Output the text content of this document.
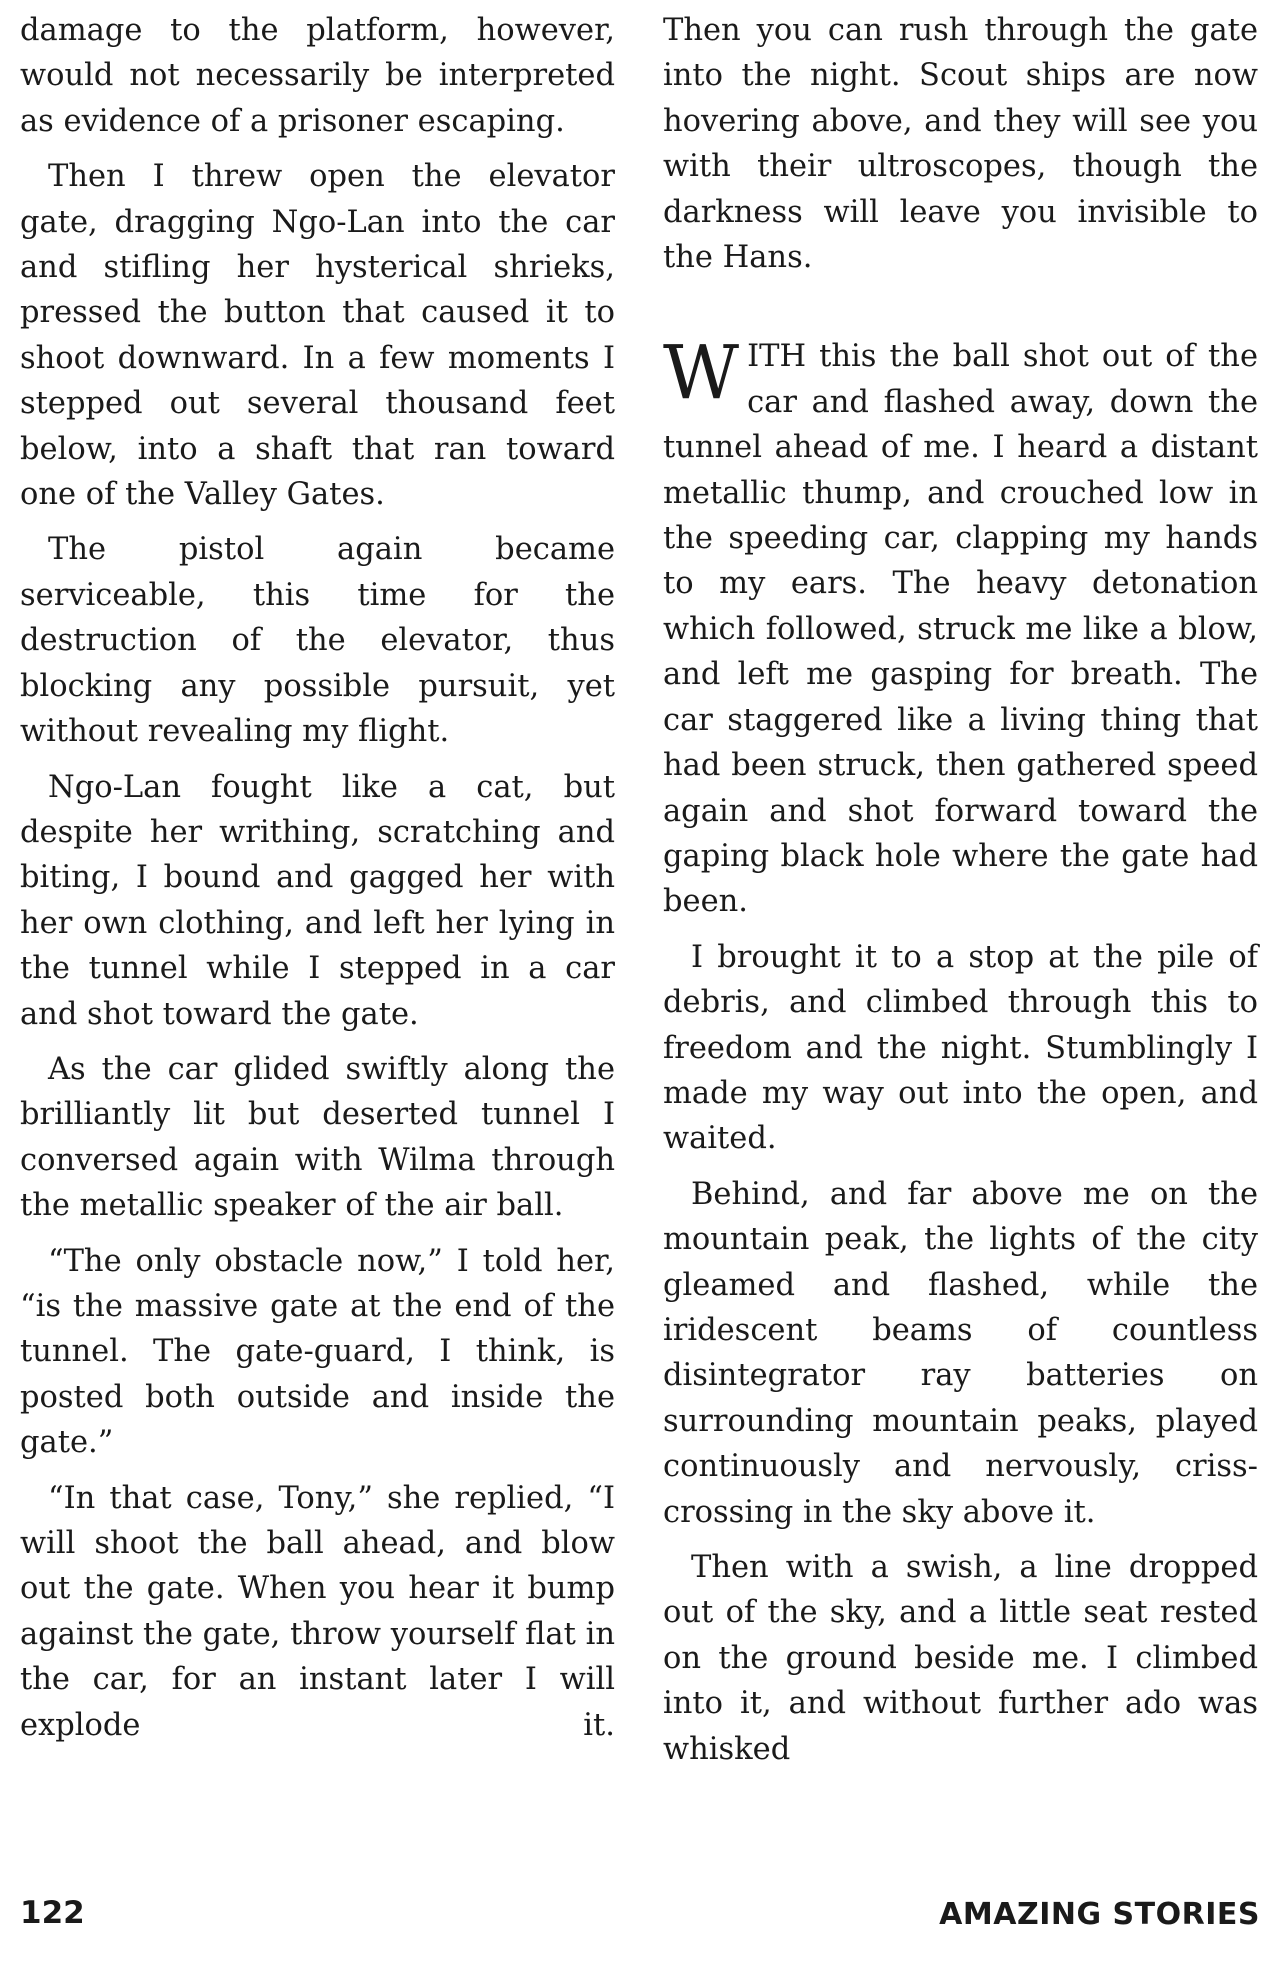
damage to the platform, however, would not necessarily be interpreted as evidence of a prisoner escaping.

Then I threw open the elevator gate, dragging Ngo-Lan into the car and stifling her hysterical shrieks, pressed the button that caused it to shoot downward. In a few moments I stepped out several thousand feet below, into a shaft that ran toward one of the Valley Gates.

The pistol again became serviceable, this time for the destruction of the elevator, thus blocking any possible pursuit, yet without revealing my flight.

Ngo-Lan fought like a cat, but despite her writhing, scratching and biting, I bound and gagged her with her own clothing, and left her lying in the tunnel while I stepped in a car and shot toward the gate.

As the car glided swiftly along the brilliantly lit but deserted tunnel I conversed again with Wilma through the metallic speaker of the air ball.

“The only obstacle now,” I told her, “is the massive gate at the end of the tunnel. The gate-guard, I think, is posted both outside and inside the gate.”

“In that case, Tony,” she replied, “I will shoot the ball ahead, and blow out the gate. When you hear it bump against the gate, throw yourself flat in the car, for an instant later I will explode it.

Then you can rush through the gate into the night. Scout ships are now hovering above, and they will see you with their ultroscopes, though the darkness will leave you invisible to the Hans.

WITH this the ball shot out of the car and flashed away, down the tunnel ahead of me. I heard a distant metallic thump, and crouched low in the speeding car, clapping my hands to my ears. The heavy detonation which followed, struck me like a blow, and left me gasping for breath. The car staggered like a living thing that had been struck, then gathered speed again and shot forward toward the gaping black hole where the gate had been.

I brought it to a stop at the pile of debris, and climbed through this to freedom and the night. Stumblingly I made my way out into the open, and waited.

Behind, and far above me on the mountain peak, the lights of the city gleamed and flashed, while the iridescent beams of countless disintegrator ray batteries on surrounding mountain peaks, played continuously and nervously, criss-crossing in the sky above it.

Then with a swish, a line dropped out of the sky, and a little seat rested on the ground beside me. I climbed into it, and without further ado was whisked

122	AMAZING STORIES
